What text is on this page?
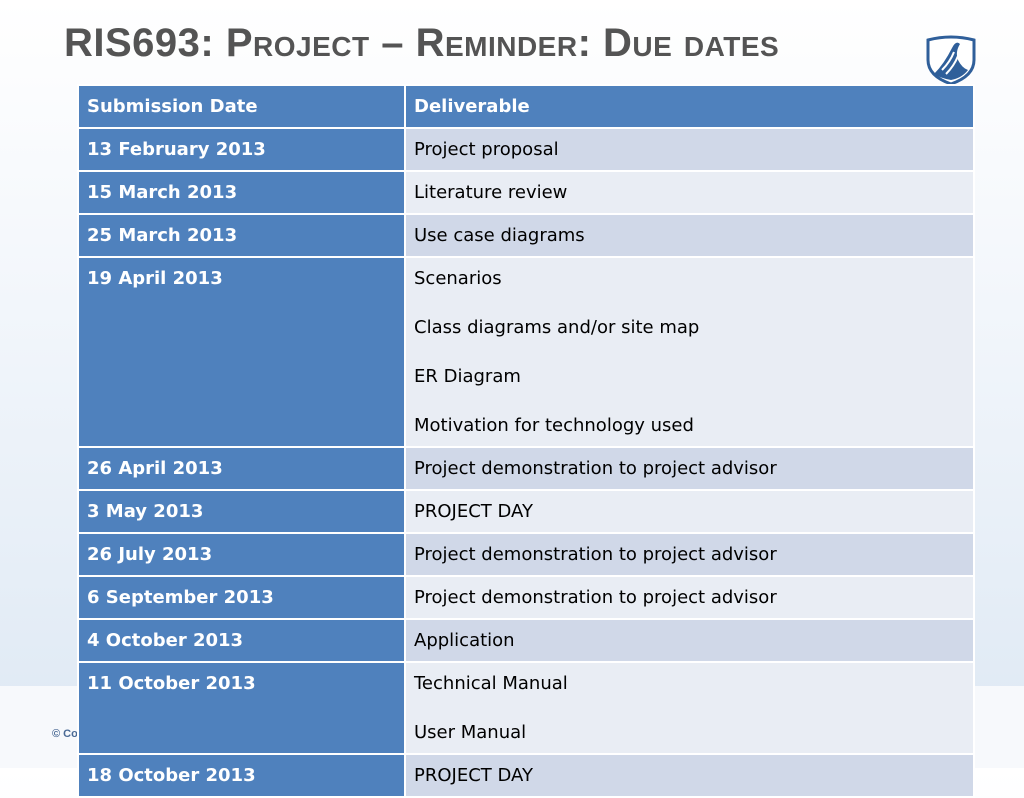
© Co
RIS693: Project – Reminder: Due dates
Submission Date	Deliverable

13 February 2013	Project proposal

15 March 2013	Literature review

25 March 2013	Use case diagrams

19 April 2013	Scenarios
Class diagrams and/or site map
ER Diagram
Motivation for technology used

26 April 2013	Project demonstration to project advisor

3 May 2013	PROJECT DAY

26 July 2013	Project demonstration to project advisor

6 September 2013	Project demonstration to project advisor

4 October 2013	Application

11 October 2013	Technical Manual
User Manual

18 October 2013	PROJECT DAY
